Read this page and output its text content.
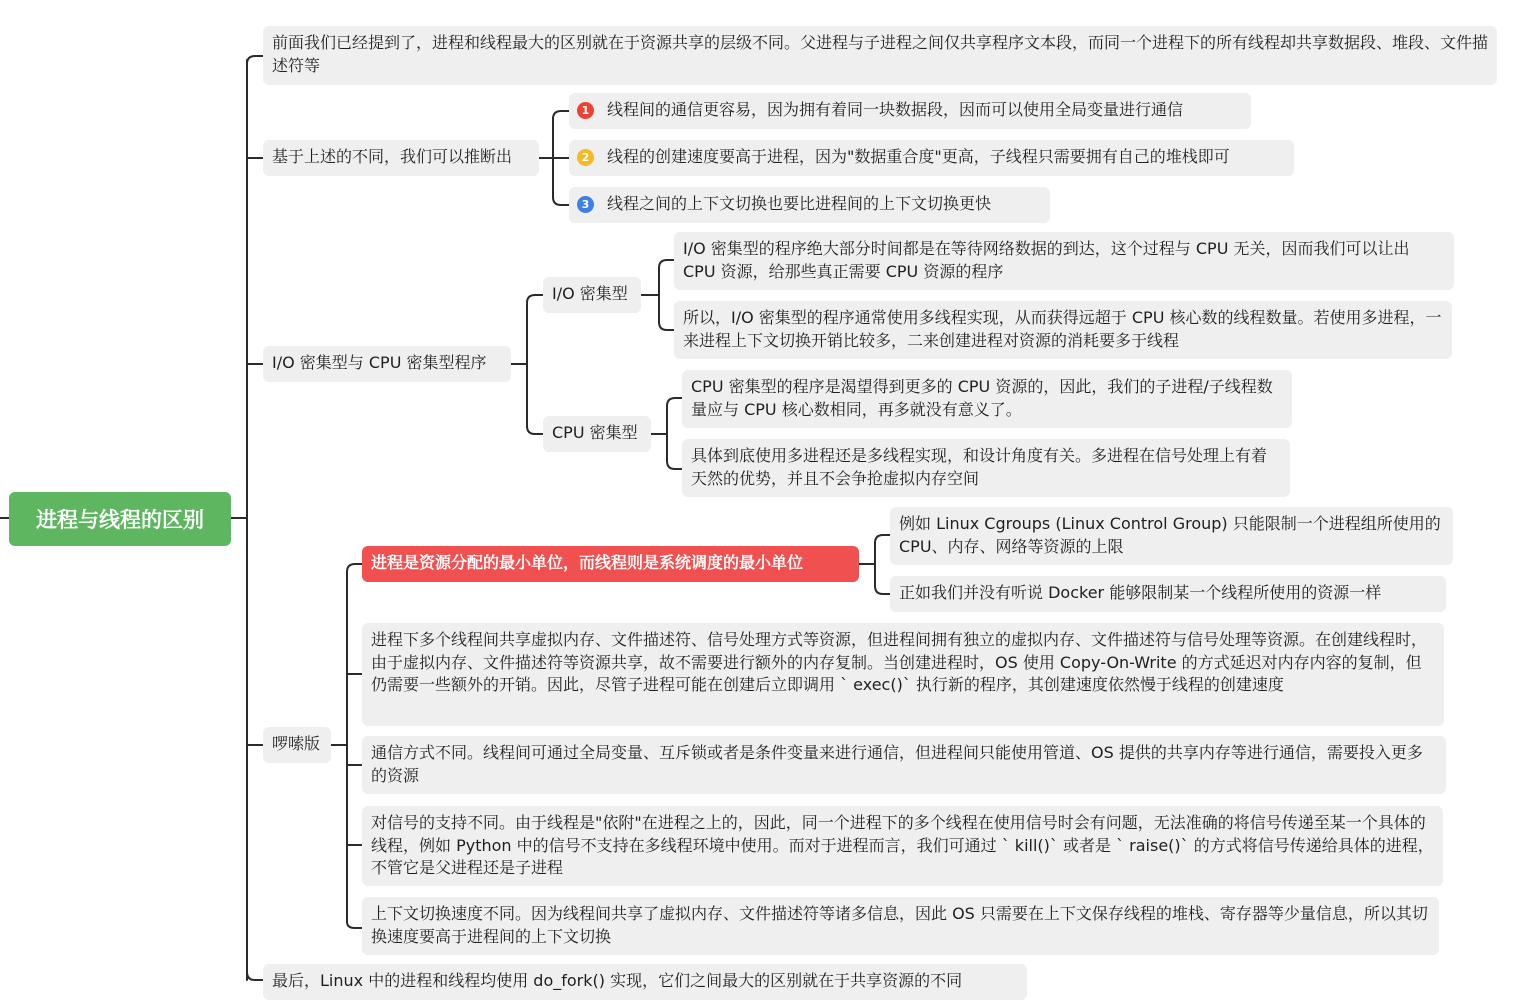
进程与线程的区别
前面我们已经提到了，进程和线程最大的区别就在于资源共享的层级不同。父进程与子进程之间仅共享程序文本段，而同一个进程下的所有线程却共享数据段、堆段、文件描述符等
基于上述的不同，我们可以推断出
1 线程间的通信更容易，因为拥有着同一块数据段，因而可以使用全局变量进行通信
2 线程的创建速度要高于进程，因为"数据重合度"更高，子线程只需要拥有自己的堆栈即可
3 线程之间的上下文切换也要比进程间的上下文切换更快
I/O 密集型与 CPU 密集型程序
I/O 密集型
I/O 密集型的程序绝大部分时间都是在等待网络数据的到达，这个过程与 CPU 无关，因而我们可以让出 CPU 资源，给那些真正需要 CPU 资源的程序
所以，I/O 密集型的程序通常使用多线程实现，从而获得远超于 CPU 核心数的线程数量。若使用多进程，一来进程上下文切换开销比较多，二来创建进程对资源的消耗要多于线程
CPU 密集型
CPU 密集型的程序是渴望得到更多的 CPU 资源的，因此，我们的子进程/子线程数量应与 CPU 核心数相同，再多就没有意义了。
具体到底使用多进程还是多线程实现，和设计角度有关。多进程在信号处理上有着天然的优势，并且不会争抢虚拟内存空间
啰嗦版
进程是资源分配的最小单位，而线程则是系统调度的最小单位
例如 Linux Cgroups (Linux Control Group) 只能限制一个进程组所使用的 CPU、内存、网络等资源的上限
正如我们并没有听说 Docker 能够限制某一个线程所使用的资源一样
进程下多个线程间共享虚拟内存、文件描述符、信号处理方式等资源，但进程间拥有独立的虚拟内存、文件描述符与信号处理等资源。在创建线程时，由于虚拟内存、文件描述符等资源共享，故不需要进行额外的内存复制。当创建进程时，OS 使用 Copy-On-Write 的方式延迟对内存内容的复制，但仍需要一些额外的开销。因此，尽管子进程可能在创建后立即调用 ` exec()` 执行新的程序，其创建速度依然慢于线程的创建速度
通信方式不同。线程间可通过全局变量、互斥锁或者是条件变量来进行通信，但进程间只能使用管道、OS 提供的共享内存等进行通信，需要投入更多的资源
对信号的支持不同。由于线程是"依附"在进程之上的，因此，同一个进程下的多个线程在使用信号时会有问题，无法准确的将信号传递至某一个具体的线程，例如 Python 中的信号不支持在多线程环境中使用。而对于进程而言，我们可通过 ` kill()` 或者是 ` raise()` 的方式将信号传递给具体的进程，不管它是父进程还是子进程
上下文切换速度不同。因为线程间共享了虚拟内存、文件描述符等诸多信息，因此 OS 只需要在上下文保存线程的堆栈、寄存器等少量信息，所以其切换速度要高于进程间的上下文切换
最后，Linux 中的进程和线程均使用 do_fork() 实现，它们之间最大的区别就在于共享资源的不同
